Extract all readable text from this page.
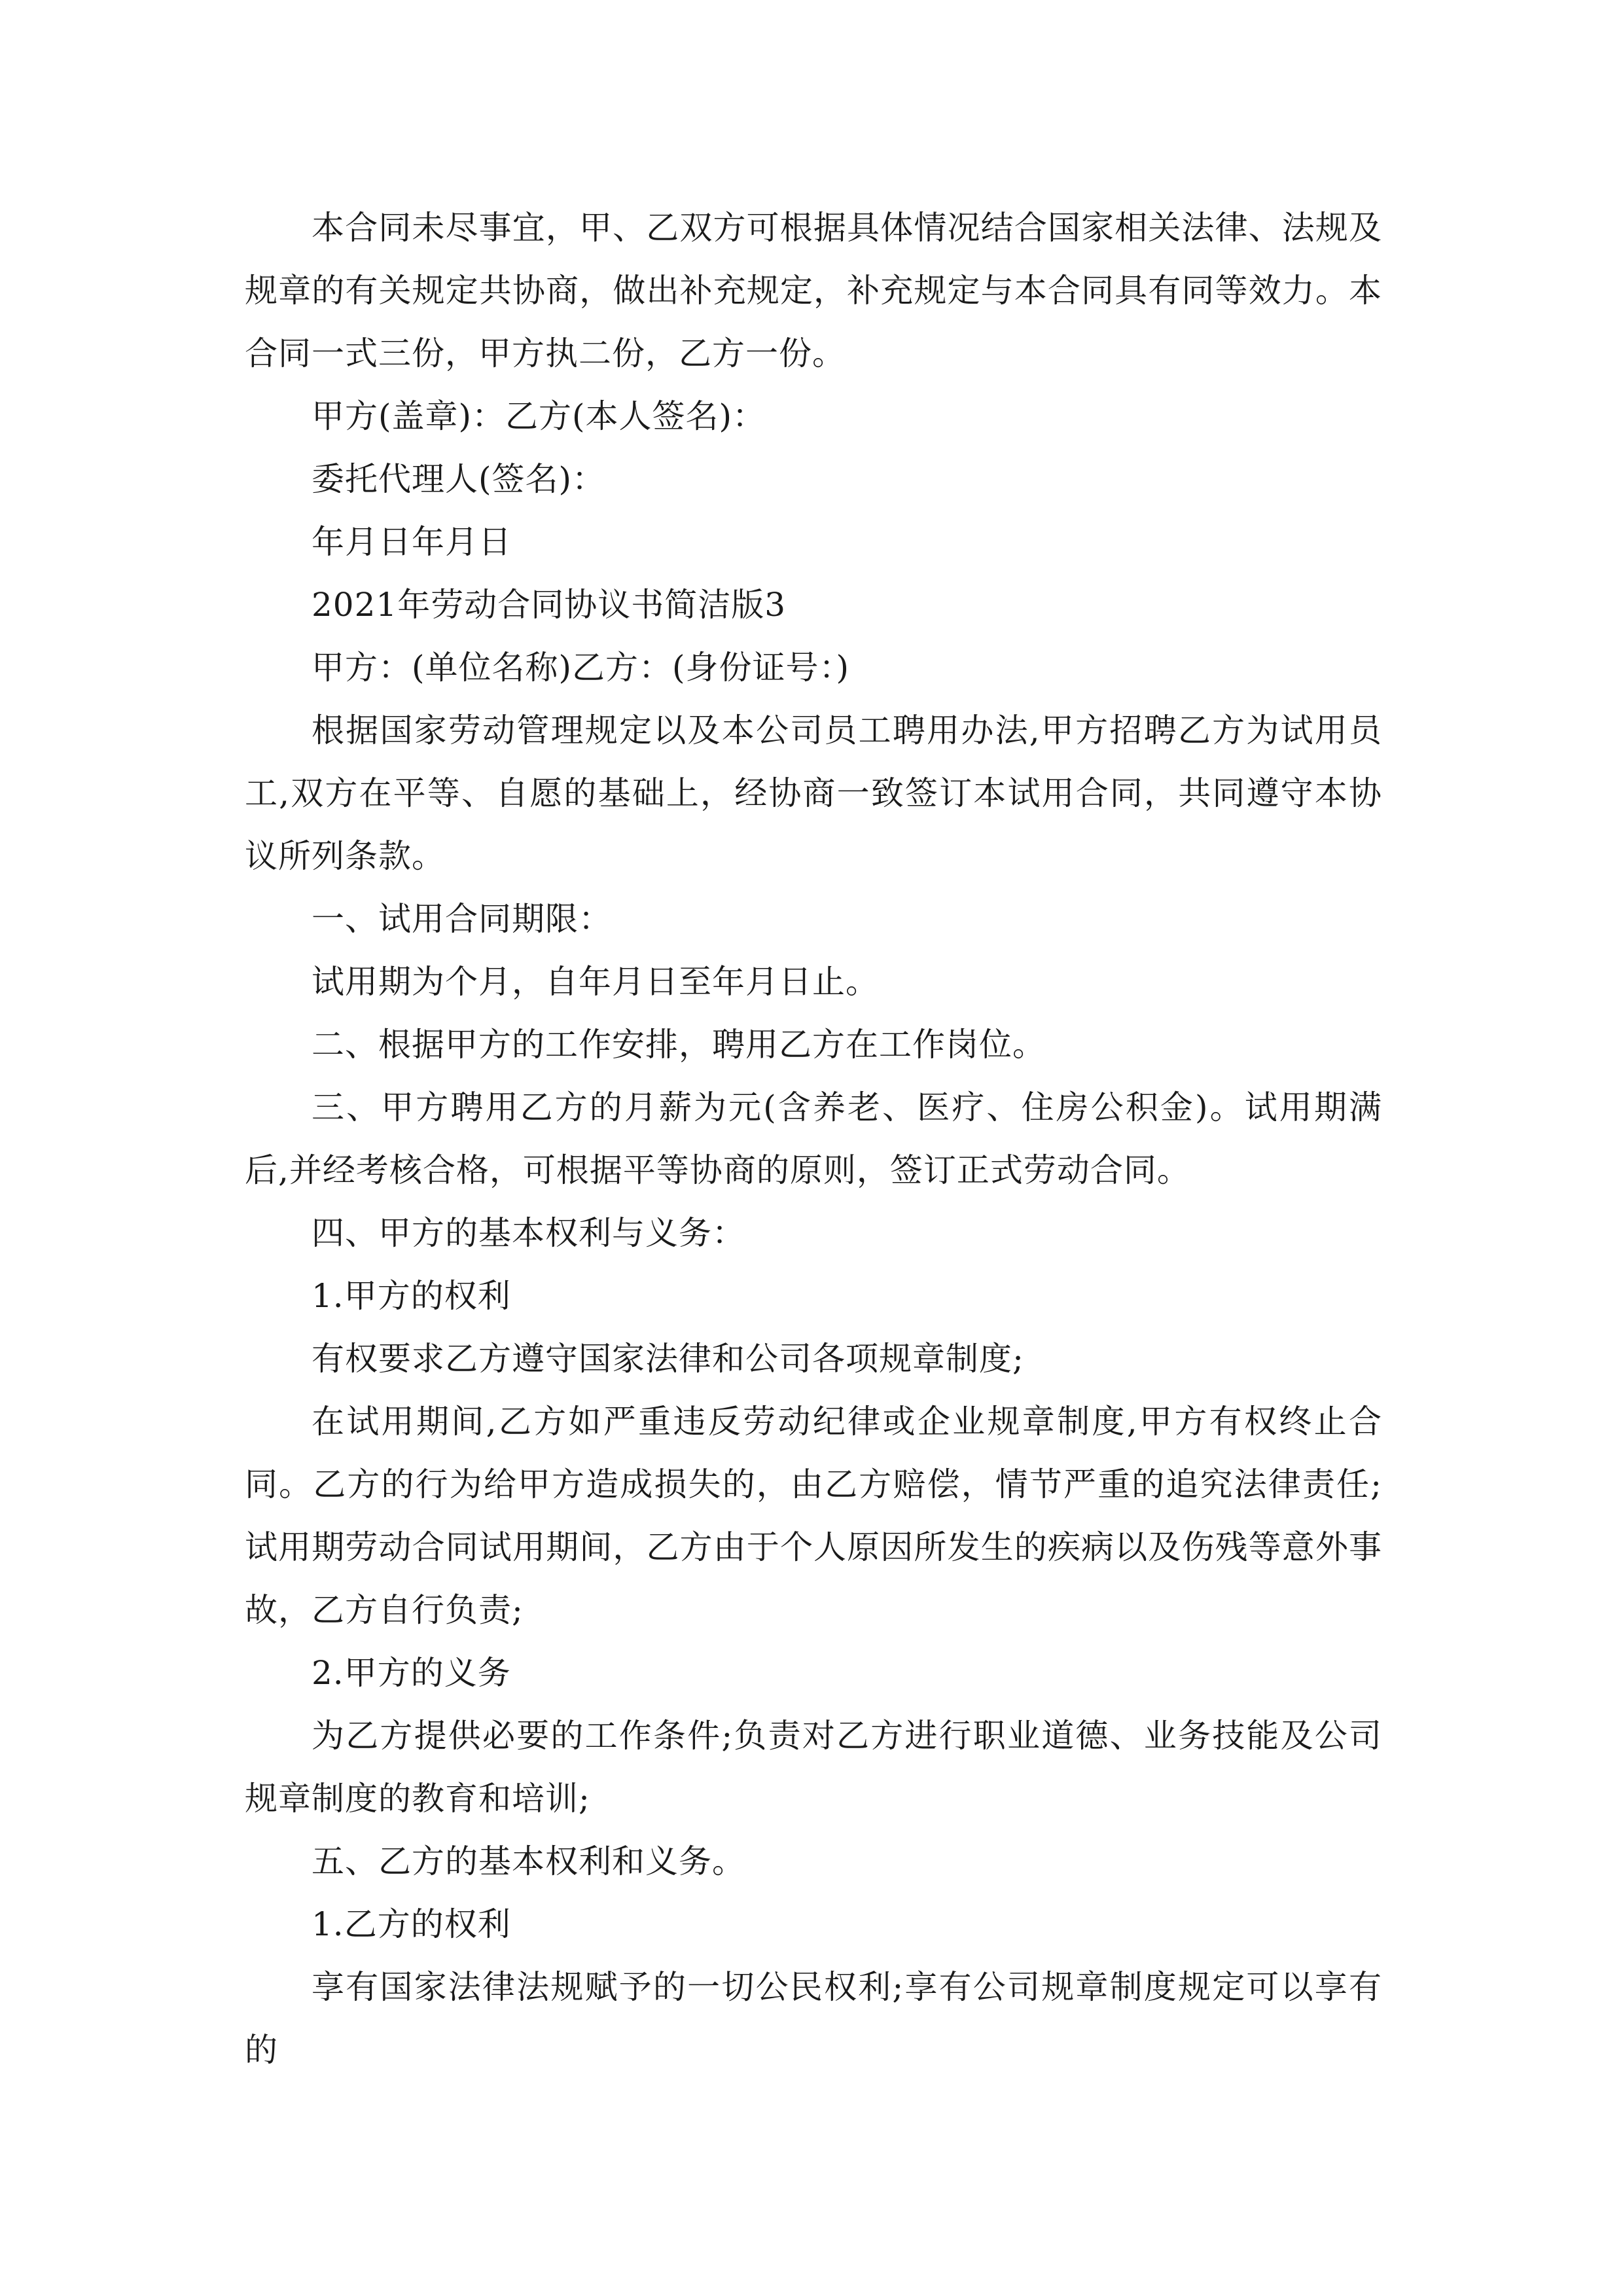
本合同未尽事宜，甲、乙双方可根据具体情况结合国家相关法律、法规及规章的有关规定共协商，做出补充规定，补充规定与本合同具有同等效力。本合同一式三份，甲方执二份，乙方一份。

甲方(盖章)：乙方(本人签名)：

委托代理人(签名)：

年月日年月日

2021年劳动合同协议书简洁版3

甲方：(单位名称)乙方：(身份证号：)

根据国家劳动管理规定以及本公司员工聘用办法,甲方招聘乙方为试用员工,双方在平等、自愿的基础上，经协商一致签订本试用合同，共同遵守本协议所列条款。

一、试用合同期限：

试用期为个月，自年月日至年月日止。

二、根据甲方的工作安排，聘用乙方在工作岗位。

三、甲方聘用乙方的月薪为元(含养老、医疗、住房公积金)。试用期满后,并经考核合格，可根据平等协商的原则，签订正式劳动合同。

四、甲方的基本权利与义务：

1.甲方的权利

有权要求乙方遵守国家法律和公司各项规章制度;

在试用期间,乙方如严重违反劳动纪律或企业规章制度,甲方有权终止合同。乙方的行为给甲方造成损失的，由乙方赔偿，情节严重的追究法律责任;试用期劳动合同试用期间，乙方由于个人原因所发生的疾病以及伤残等意外事故，乙方自行负责;

2.甲方的义务

为乙方提供必要的工作条件;负责对乙方进行职业道德、业务技能及公司规章制度的教育和培训;

五、乙方的基本权利和义务。

1.乙方的权利

享有国家法律法规赋予的一切公民权利;享有公司规章制度规定可以享有的
